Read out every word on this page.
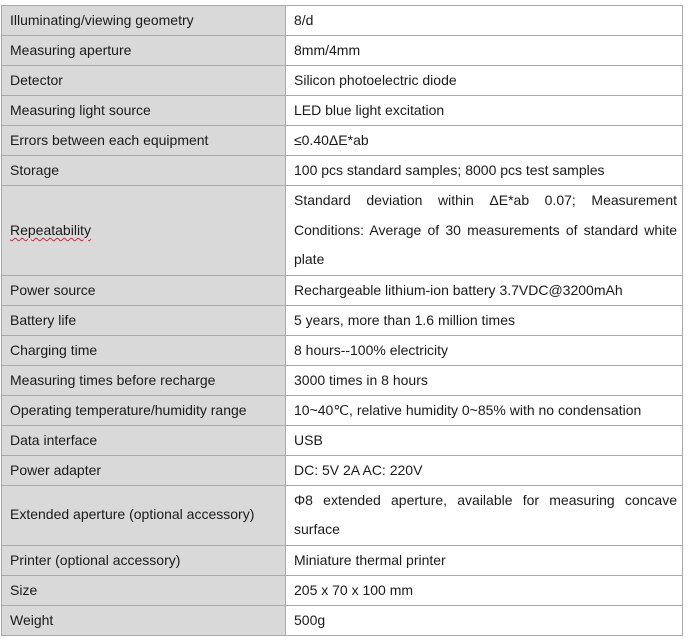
Illuminating/viewing geometry	8/d
Measuring aperture	8mm/4mm
Detector	Silicon photoelectric diode
Measuring light source	LED blue light excitation
Errors between each equipment	≤0.40ΔE*ab
Storage	100 pcs standard samples; 8000 pcs test samples
Repeatability	Standard deviation within ΔE*ab 0.07; Measurement Conditions: Average of 30 measurements of standard white plate
Power source	Rechargeable lithium-ion battery 3.7VDC@3200mAh
Battery life	5 years, more than 1.6 million times
Charging time	8 hours--100% electricity
Measuring times before recharge	3000 times in 8 hours
Operating temperature/humidity range	10~40℃, relative humidity 0~85% with no condensation
Data interface	USB
Power adapter	DC: 5V 2A AC: 220V
Extended aperture (optional accessory)	Φ8 extended aperture, available for measuring concave surface
Printer (optional accessory)	Miniature thermal printer
Size	205 x 70 x 100 mm
Weight	500g
